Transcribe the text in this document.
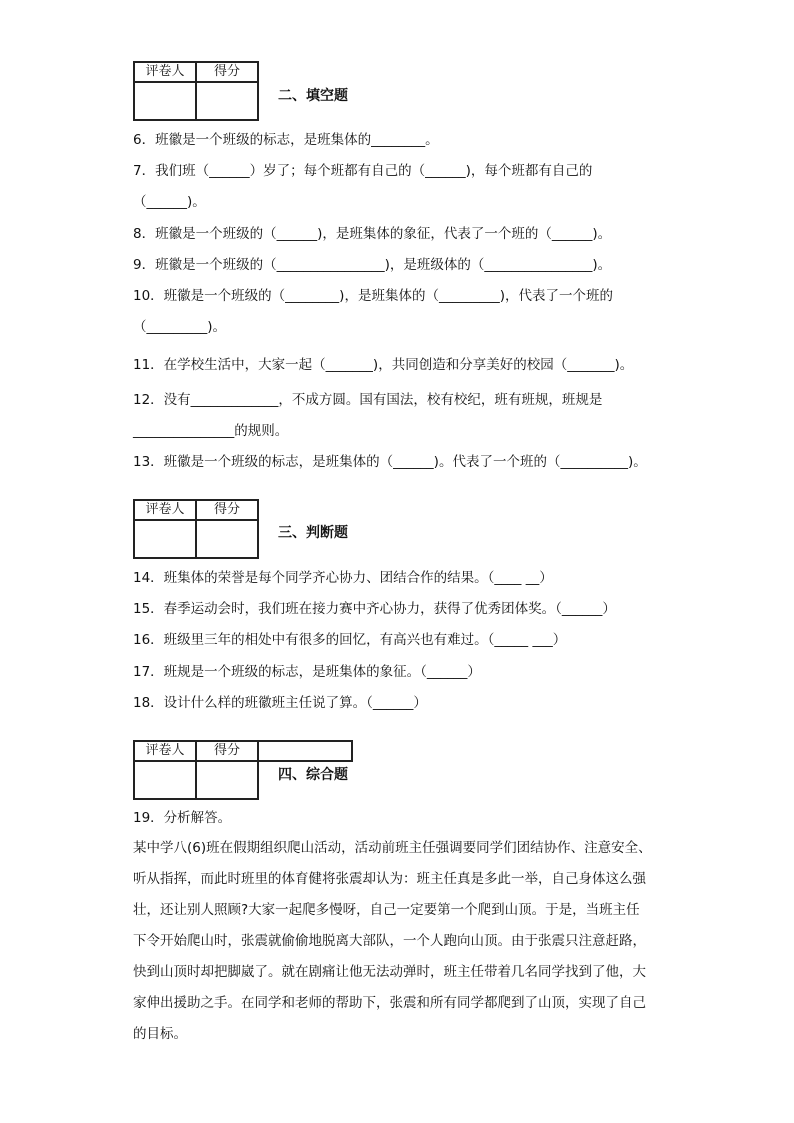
评卷人	得分

二、填空题
6．班徽是一个班级的标志，是班集体的________。
7．我们班（______）岁了；每个班都有自己的（______)，每个班都有自己的
（______)。
8．班徽是一个班级的（______)，是班集体的象征，代表了一个班的（______)。
9．班徽是一个班级的（________________)，是班级体的（________________)。
10．班徽是一个班级的（________)，是班集体的（_________)，代表了一个班的
（_________)。
11．在学校生活中，大家一起（_______)，共同创造和分享美好的校园（_______)。
12．没有_____________，不成方圆。国有国法，校有校纪，班有班规，班规是
_______________的规则。
13．班徽是一个班级的标志，是班集体的（______)。代表了一个班的（__________)。
评卷人	得分

三、判断题
14．班集体的荣誉是每个同学齐心协力、团结合作的结果。（____ __）
15．春季运动会时，我们班在接力赛中齐心协力，获得了优秀团体奖。（______）
16．班级里三年的相处中有很多的回忆，有高兴也有难过。（_____ ___）
17．班规是一个班级的标志，是班集体的象征。（______）
18．设计什么样的班徽班主任说了算。（______）
评卷人	得分	

四、综合题
19．分析解答。

某中学八(6)班在假期组织爬山活动，活动前班主任强调要同学们团结协作、注意安全、

听从指挥，而此时班里的体育健将张震却认为：班主任真是多此一举，自己身体这么强

壮，还让别人照顾?大家一起爬多慢呀，自己一定要第一个爬到山顶。于是，当班主任

下令开始爬山时，张震就偷偷地脱离大部队，一个人跑向山顶。由于张震只注意赶路，

快到山顶时却把脚崴了。就在剧痛让他无法动弹时，班主任带着几名同学找到了他，大

家伸出援助之手。在同学和老师的帮助下，张震和所有同学都爬到了山顶，实现了自己

的目标。
